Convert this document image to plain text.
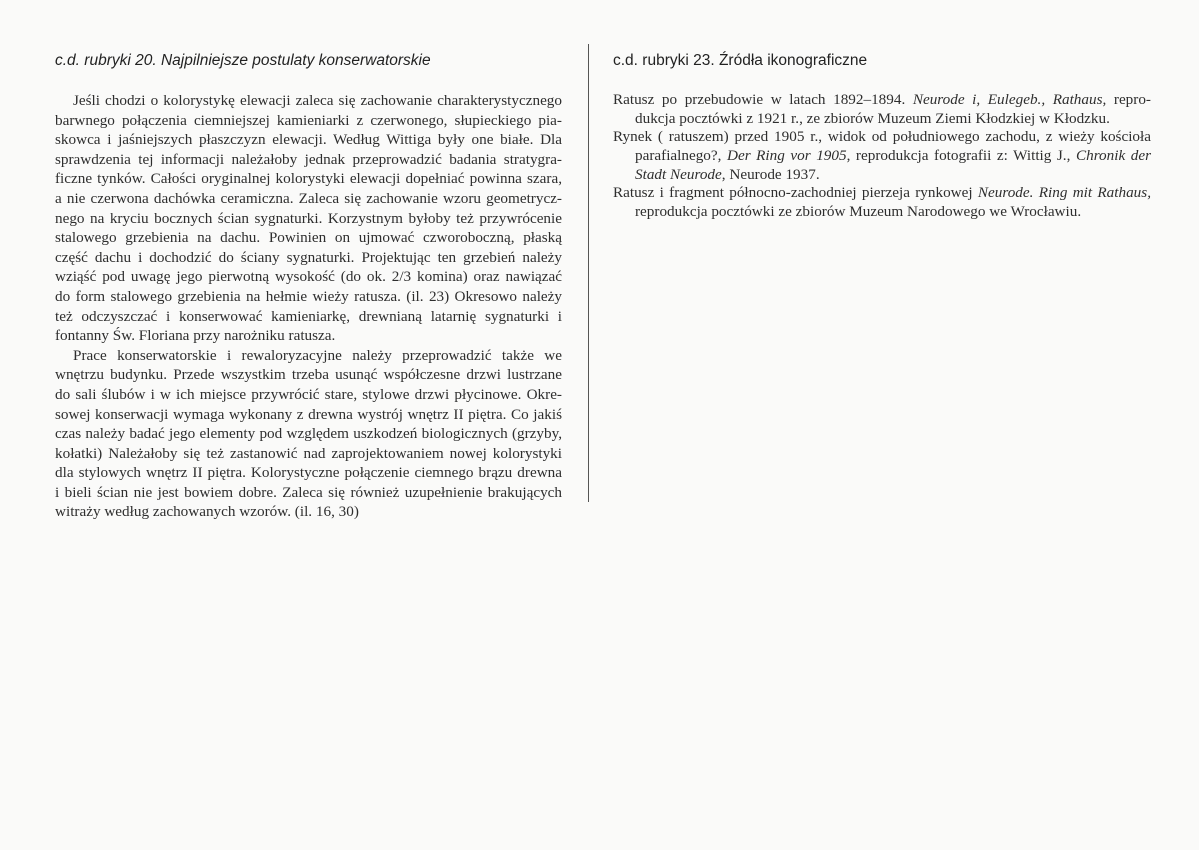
c.d. rubryki 20. Najpilniejsze postulaty konserwatorskie
Jeśli chodzi o kolorystykę elewacji zaleca się zachowanie charakterystycznego
barwnego połączenia ciemniejszej kamieniarki z czerwonego, słupieckiego pia-
skowca i jaśniejszych płaszczyzn elewacji. Według Wittiga były one białe. Dla
sprawdzenia tej informacji należałoby jednak przeprowadzić badania stratygra-
ficzne tynków. Całości oryginalnej kolorystyki elewacji dopełniać powinna szara,
a nie czerwona dachówka ceramiczna. Zaleca się zachowanie wzoru geometrycz-
nego na kryciu bocznych ścian sygnaturki. Korzystnym byłoby też przywrócenie
stalowego grzebienia na dachu. Powinien on ujmować czworoboczną, płaską
część dachu i dochodzić do ściany sygnaturki. Projektując ten grzebień należy
wziąść pod uwagę jego pierwotną wysokość (do ok. 2/3 komina) oraz nawiązać
do form stalowego grzebienia na hełmie wieży ratusza. (il. 23) Okresowo należy
też odczyszczać i konserwować kamieniarkę, drewnianą latarnię sygnaturki i
fontanny Św. Floriana przy narożniku ratusza.
Prace konserwatorskie i rewaloryzacyjne należy przeprowadzić także we
wnętrzu budynku. Przede wszystkim trzeba usunąć współczesne drzwi lustrzane
do sali ślubów i w ich miejsce przywrócić stare, stylowe drzwi płycinowe. Okre-
sowej konserwacji wymaga wykonany z drewna wystrój wnętrz II piętra. Co jakiś
czas należy badać jego elementy pod względem uszkodzeń biologicznych (grzyby,
kołatki) Należałoby się też zastanowić nad zaprojektowaniem nowej kolorystyki
dla stylowych wnętrz II piętra. Kolorystyczne połączenie ciemnego brązu drewna
i bieli ścian nie jest bowiem dobre. Zaleca się również uzupełnienie brakujących
witraży według zachowanych wzorów. (il. 16, 30)
c.d. rubryki 23. Źródła ikonograficzne
Ratusz po przebudowie w latach 1892–1894. Neurode i, Eulegeb., Rathaus, repro-
dukcja pocztówki z 1921 r., ze zbiorów Muzeum Ziemi Kłodzkiej w Kłodzku.
Rynek ( ratuszem) przed 1905 r., widok od południowego zachodu, z wieży kościoła
parafialnego?, Der Ring vor 1905, reprodukcja fotografii z: Wittig J., Chronik der
Stadt Neurode, Neurode 1937.
Ratusz i fragment północno-zachodniej pierzeja rynkowej Neurode. Ring mit Rathaus,
reprodukcja pocztówki ze zbiorów Muzeum Narodowego we Wrocławiu.
